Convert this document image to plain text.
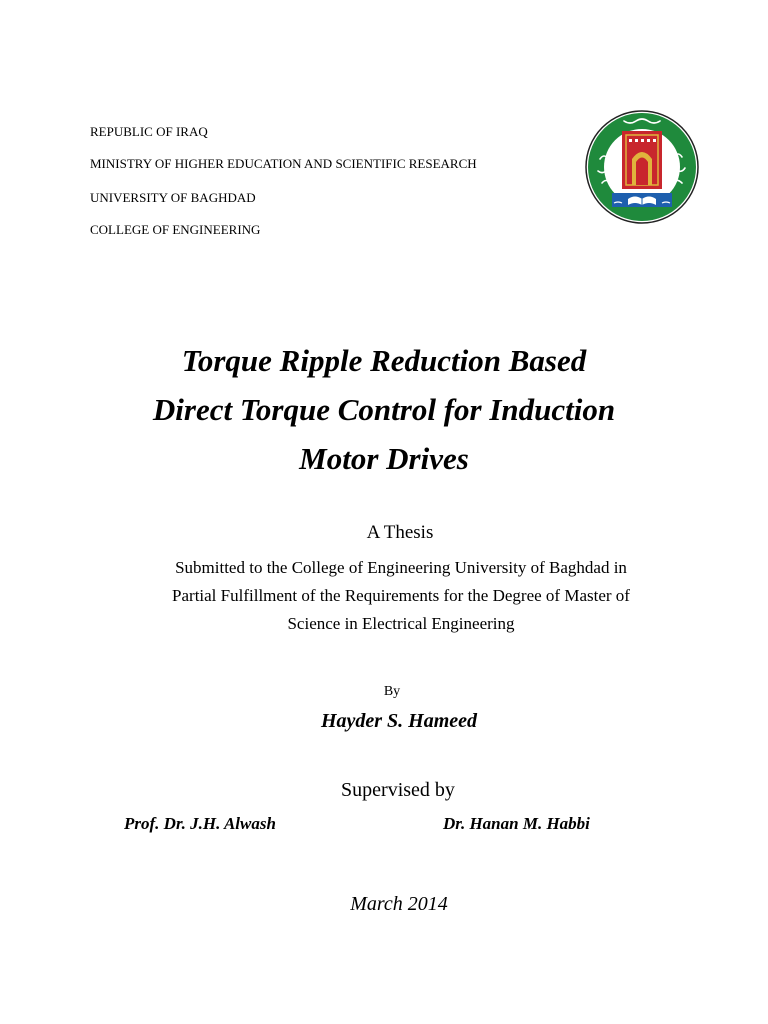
REPUBLIC OF IRAQ
MINISTRY OF HIGHER EDUCATION AND SCIENTIFIC RESEARCH
UNIVERSITY OF BAGHDAD
COLLEGE OF ENGINEERING
Torque Ripple Reduction Based
Direct Torque Control for Induction
Motor Drives
A Thesis
Submitted to the College of Engineering University of Baghdad in
Partial Fulfillment of the Requirements for the Degree of Master of
Science in Electrical Engineering
By
Hayder S. Hameed
Supervised by
Prof. Dr. J.H. Alwash	Dr. Hanan M. Habbi
March 2014
